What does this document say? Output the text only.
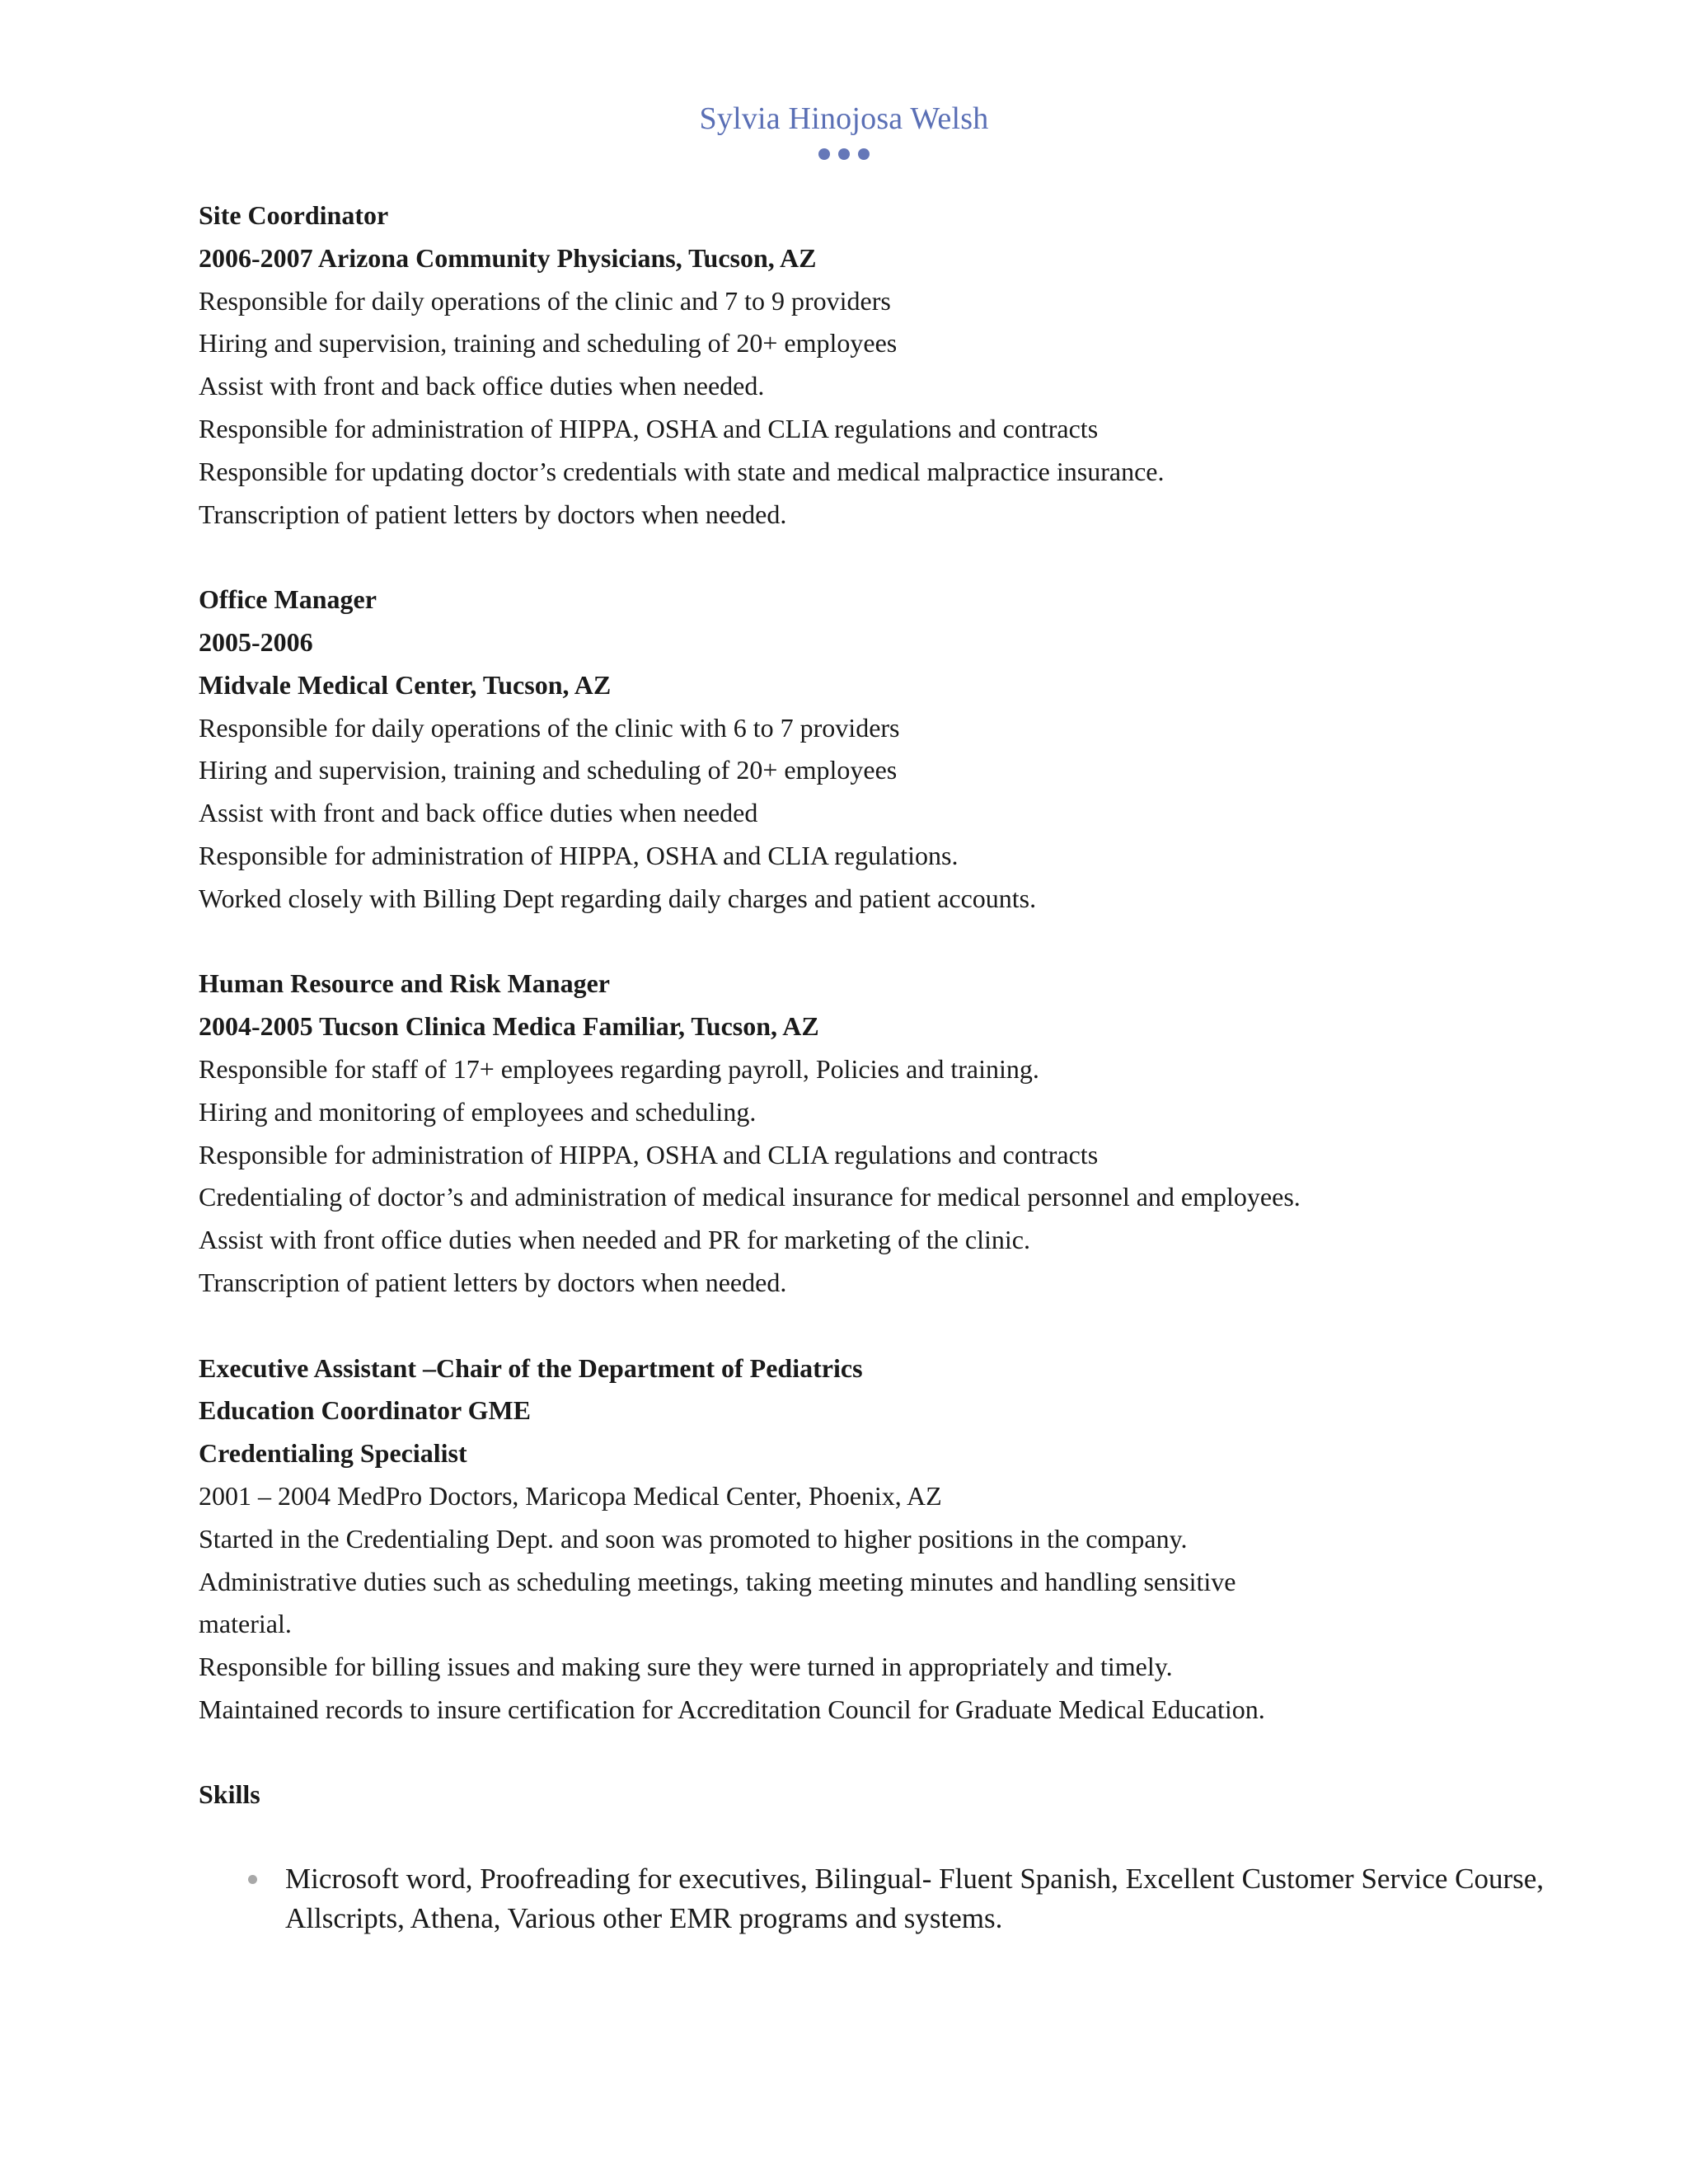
Sylvia Hinojosa Welsh
Site Coordinator
2006-2007 Arizona Community Physicians, Tucson, AZ
Responsible for daily operations of the clinic and 7 to 9 providers
Hiring and supervision, training and scheduling of 20+ employees
Assist with front and back office duties when needed.
Responsible for administration of HIPPA, OSHA and CLIA regulations and contracts
Responsible for updating doctor’s credentials with state and medical malpractice insurance.
Transcription of patient letters by doctors when needed.
Office Manager
2005-2006
Midvale Medical Center, Tucson, AZ
Responsible for daily operations of the clinic with 6 to 7 providers
Hiring and supervision, training and scheduling of 20+ employees
Assist with front and back office duties when needed
Responsible for administration of HIPPA, OSHA and CLIA regulations.
Worked closely with Billing Dept regarding daily charges and patient accounts.
Human Resource and Risk Manager
2004-2005 Tucson Clinica Medica Familiar, Tucson, AZ
Responsible for staff of 17+ employees regarding payroll, Policies and training.
Hiring and monitoring of employees and scheduling.
Responsible for administration of HIPPA, OSHA and CLIA regulations and contracts
Credentialing of doctor’s and administration of medical insurance for medical personnel and employees.
Assist with front office duties when needed and PR for marketing of the clinic.
Transcription of patient letters by doctors when needed.
Executive Assistant –Chair of the Department of Pediatrics
Education Coordinator GME
Credentialing Specialist
2001 – 2004 MedPro Doctors, Maricopa Medical Center, Phoenix, AZ
Started in the Credentialing Dept. and soon was promoted to higher positions in the company.
Administrative duties such as scheduling meetings, taking meeting minutes and handling sensitive
material.
Responsible for billing issues and making sure they were turned in appropriately and timely.
Maintained records to insure certification for Accreditation Council for Graduate Medical Education.
Skills
Microsoft word, Proofreading for executives, Bilingual- Fluent Spanish, Excellent Customer Service Course, Allscripts, Athena, Various other EMR programs and systems.
